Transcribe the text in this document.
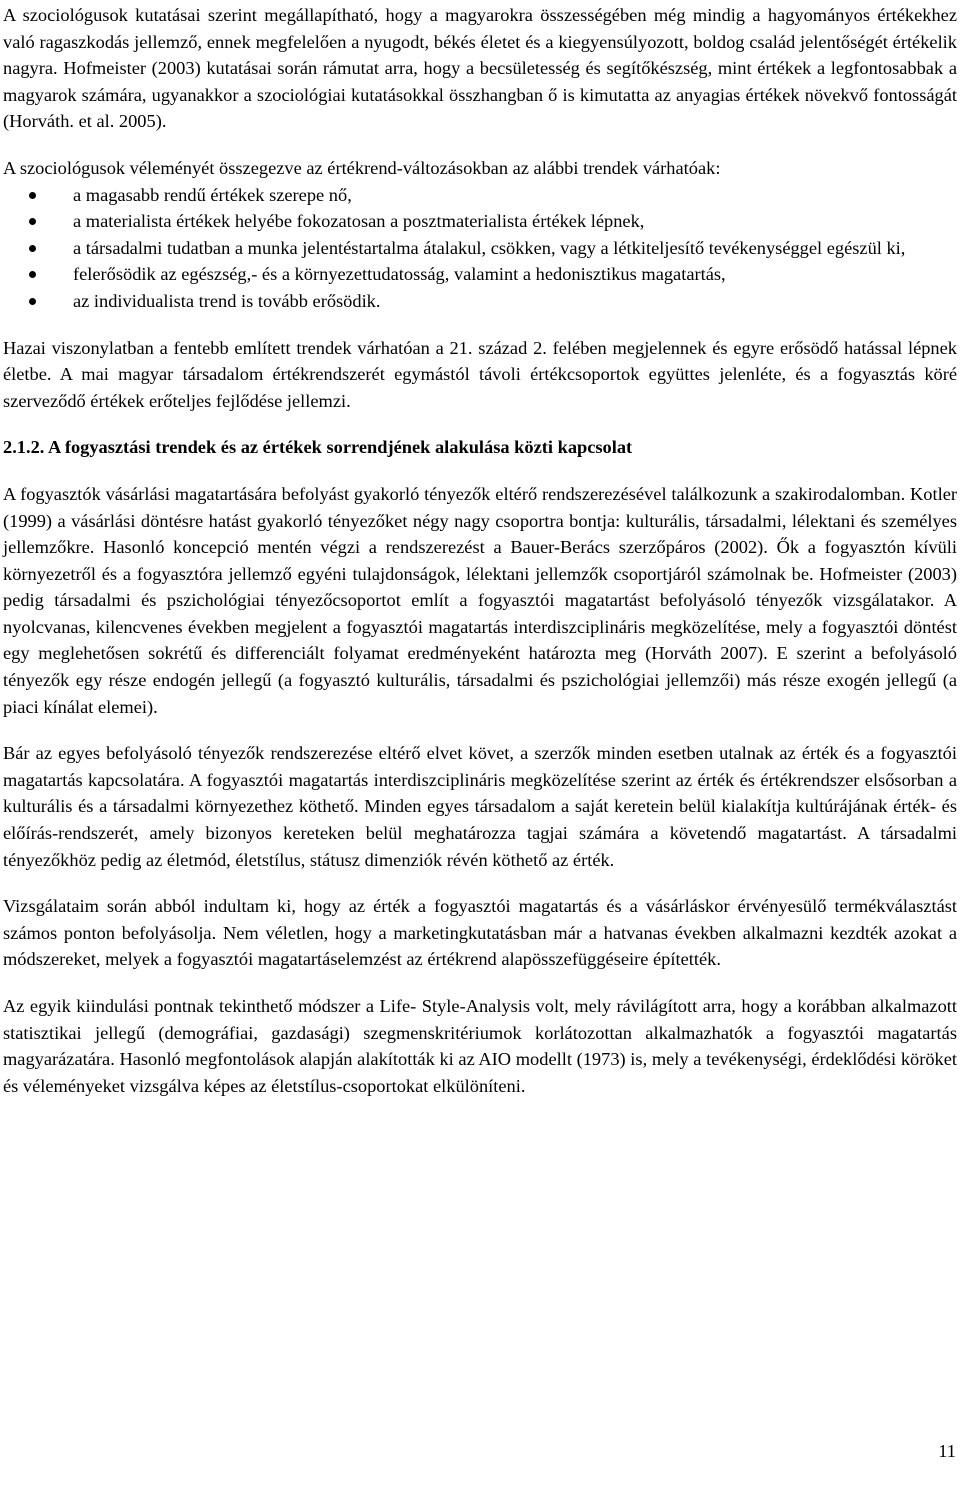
A szociológusok kutatásai szerint megállapítható, hogy a magyarokra összességében még mindig a hagyományos értékekhez való ragaszkodás jellemző, ennek megfelelően a nyugodt, békés életet és a kiegyensúlyozott, boldog család jelentőségét értékelik nagyra. Hofmeister (2003) kutatásai során rámutat arra, hogy a becsületesség és segítőkészség, mint értékek a legfontosabbak a magyarok számára, ugyanakkor a szociológiai kutatásokkal összhangban ő is kimutatta az anyagias értékek növekvő fontosságát (Horváth. et al. 2005).

A szociológusok véleményét összegezve az értékrend-változásokban az alábbi trendek várhatóak:

a magasabb rendű értékek szerepe nő,
a materialista értékek helyébe fokozatosan a posztmaterialista értékek lépnek,
a társadalmi tudatban a munka jelentéstartalma átalakul, csökken, vagy a létkiteljesítő tevékenységgel egészül ki,
felerősödik az egészség,- és a környezettudatosság, valamint a hedonisztikus magatartás,
az individualista trend is tovább erősödik.

Hazai viszonylatban a fentebb említett trendek várhatóan a 21. század 2. felében megjelennek és egyre erősödő hatással lépnek életbe. A mai magyar társadalom értékrendszerét egymástól távoli értékcsoportok együttes jelenléte, és a fogyasztás köré szerveződő értékek erőteljes fejlődése jellemzi.

2.1.2. A fogyasztási trendek és az értékek sorrendjének alakulása közti kapcsolat

A fogyasztók vásárlási magatartására befolyást gyakorló tényezők eltérő rendszerezésével találkozunk a szakirodalomban. Kotler (1999) a vásárlási döntésre hatást gyakorló tényezőket négy nagy csoportra bontja: kulturális, társadalmi, lélektani és személyes jellemzőkre. Hasonló koncepció mentén végzi a rendszerezést a Bauer-Berács szerzőpáros (2002). Ők a fogyasztón kívüli környezetről és a fogyasztóra jellemző egyéni tulajdonságok, lélektani jellemzők csoportjáról számolnak be. Hofmeister (2003) pedig társadalmi és pszichológiai tényezőcsoportot említ a fogyasztói magatartást befolyásoló tényezők vizsgálatakor. A nyolcvanas, kilencvenes években megjelent a fogyasztói magatartás interdiszciplináris megközelítése, mely a fogyasztói döntést egy meglehetősen sokrétű és differenciált folyamat eredményeként határozta meg (Horváth 2007). E szerint a befolyásoló tényezők egy része endogén jellegű (a fogyasztó kulturális, társadalmi és pszichológiai jellemzői) más része exogén jellegű (a piaci kínálat elemei).

Bár az egyes befolyásoló tényezők rendszerezése eltérő elvet követ, a szerzők minden esetben utalnak az érték és a fogyasztói magatartás kapcsolatára. A fogyasztói magatartás interdiszciplináris megközelítése szerint az érték és értékrendszer elsősorban a kulturális és a társadalmi környezethez köthető. Minden egyes társadalom a saját keretein belül kialakítja kultúrájának érték- és előírás-rendszerét, amely bizonyos kereteken belül meghatározza tagjai számára a követendő magatartást. A társadalmi tényezőkhöz pedig az életmód, életstílus, státusz dimenziók révén köthető az érték.

Vizsgálataim során abból indultam ki, hogy az érték a fogyasztói magatartás és a vásárláskor érvényesülő termékválasztást számos ponton befolyásolja. Nem véletlen, hogy a marketingkutatásban már a hatvanas években alkalmazni kezdték azokat a módszereket, melyek a fogyasztói magatartáselemzést az értékrend alapösszefüggéseire építették.

Az egyik kiindulási pontnak tekinthető módszer a Life- Style-Analysis volt, mely rávilágított arra, hogy a korábban alkalmazott statisztikai jellegű (demográfiai, gazdasági) szegmenskritériumok korlátozottan alkalmazhatók a fogyasztói magatartás magyarázatára. Hasonló megfontolások alapján alakították ki az AIO modellt (1973) is, mely a tevékenységi, érdeklődési köröket és véleményeket vizsgálva képes az életstílus-csoportokat elkülöníteni.

11
